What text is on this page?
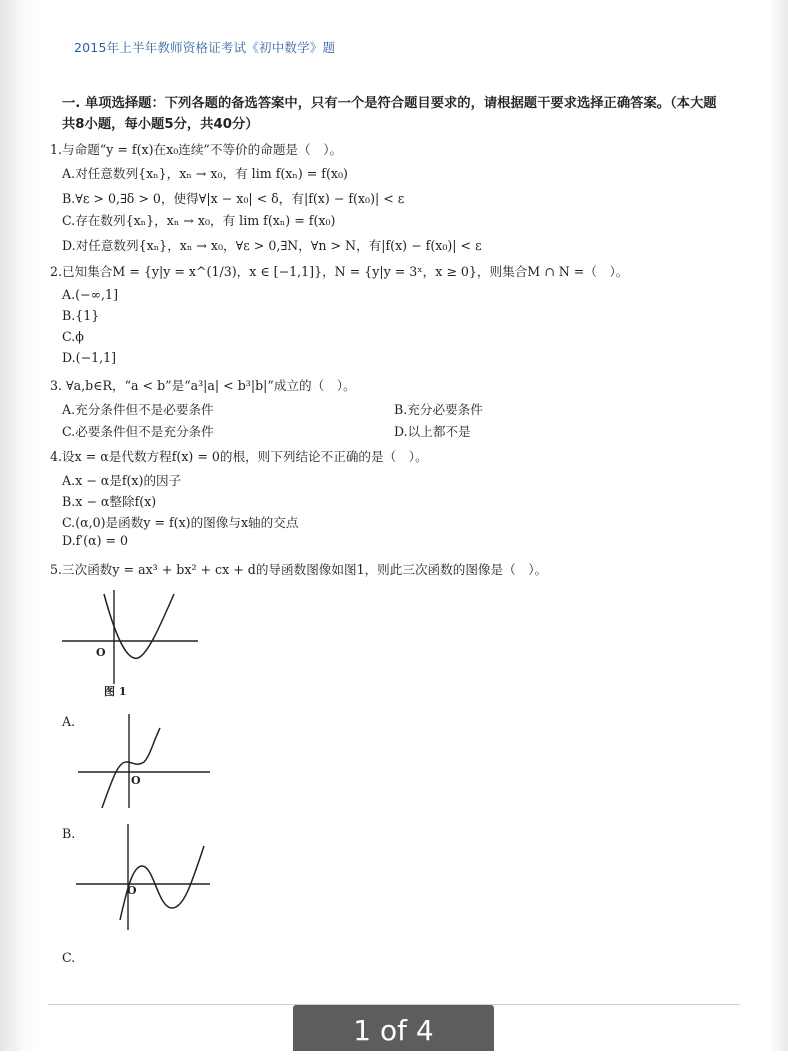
2015年上半年教师资格证考试《初中数学》题
一. 单项选择题：下列各题的备选答案中，只有一个是符合题目要求的，请根据题干要求选择正确答案。（本大题共8小题，每小题5分，共40分）
1.与命题“y = f(x)在x₀连续”不等价的命题是（　）。
A.对任意数列{xₙ}，xₙ → x₀，有 lim f(xₙ) = f(x₀)
B.∀ε > 0,∃δ > 0，使得∀|x − x₀| < δ，有|f(x) − f(x₀)| < ε
C.存在数列{xₙ}，xₙ → x₀，有 lim f(xₙ) = f(x₀)
D.对任意数列{xₙ}，xₙ → x₀，∀ε > 0,∃N，∀n > N，有|f(x) − f(x₀)| < ε
2.已知集合M = {y|y = x^(1/3)，x ∈ [−1,1]}，N = {y|y = 3ˣ，x ≥ 0}，则集合M ∩ N =（　）。
A.(−∞,1]
B.{1}
C.ϕ
D.(−1,1]
3. ∀a,b∈R，“a < b”是“a³|a| < b³|b|”成立的（　）。
A.充分条件但不是必要条件	B.充分必要条件
C.必要条件但不是充分条件	D.以上都不是
4.设x = α是代数方程f(x) = 0的根，则下列结论不正确的是（　）。
A.x − α是f(x)的因子
B.x − α整除f(x)
C.(α,0)是函数y = f(x)的图像与x轴的交点
D.f′(α) = 0
5.三次函数y = ax³ + bx² + cx + d的导函数图像如图1，则此三次函数的图像是（　）。
O
图 1
A.
O
B.
O
C.
·
·
1 of 4
